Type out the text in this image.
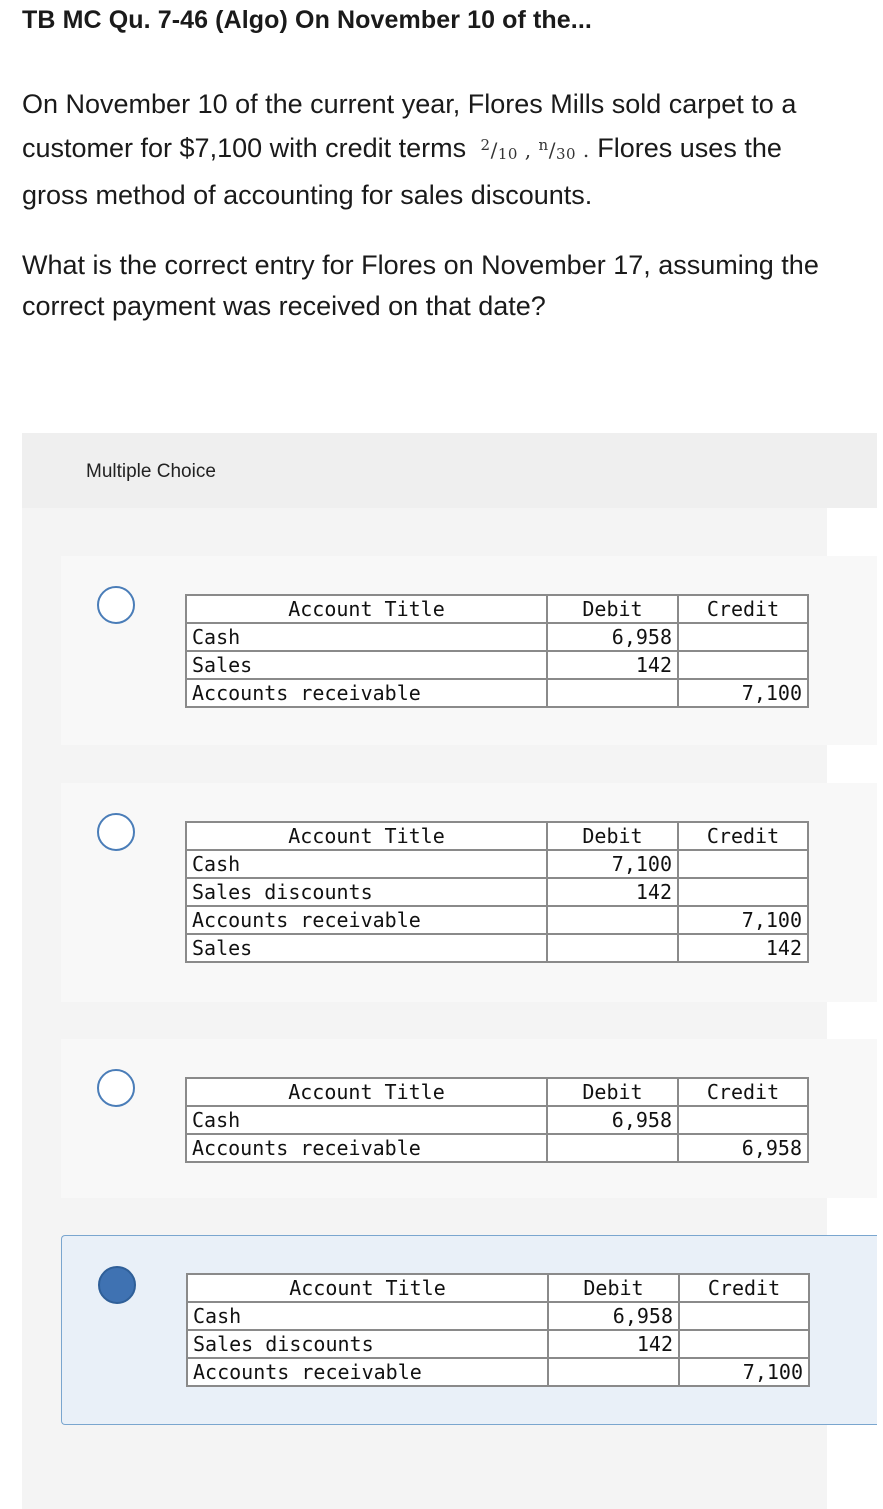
TB MC Qu. 7-46 (Algo) On November 10 of the...

On November 10 of the current year, Flores Mills sold carpet to a customer for $7,100 with credit terms $^2/_{10}$ , $^n/_{30}$ . Flores uses the gross method of accounting for sales discounts.

What is the correct entry for Flores on November 17, assuming the correct payment was received on that date?

Multiple Choice
Account Title	Debit	Credit
Cash	6,958	
Sales	142	
Accounts receivable		7,100
Account Title	Debit	Credit
Cash	7,100	
Sales discounts	142	
Accounts receivable		7,100
Sales		142
Account Title	Debit	Credit
Cash	6,958	
Accounts receivable		6,958
Account Title	Debit	Credit
Cash	6,958	
Sales discounts	142	
Accounts receivable		7,100
